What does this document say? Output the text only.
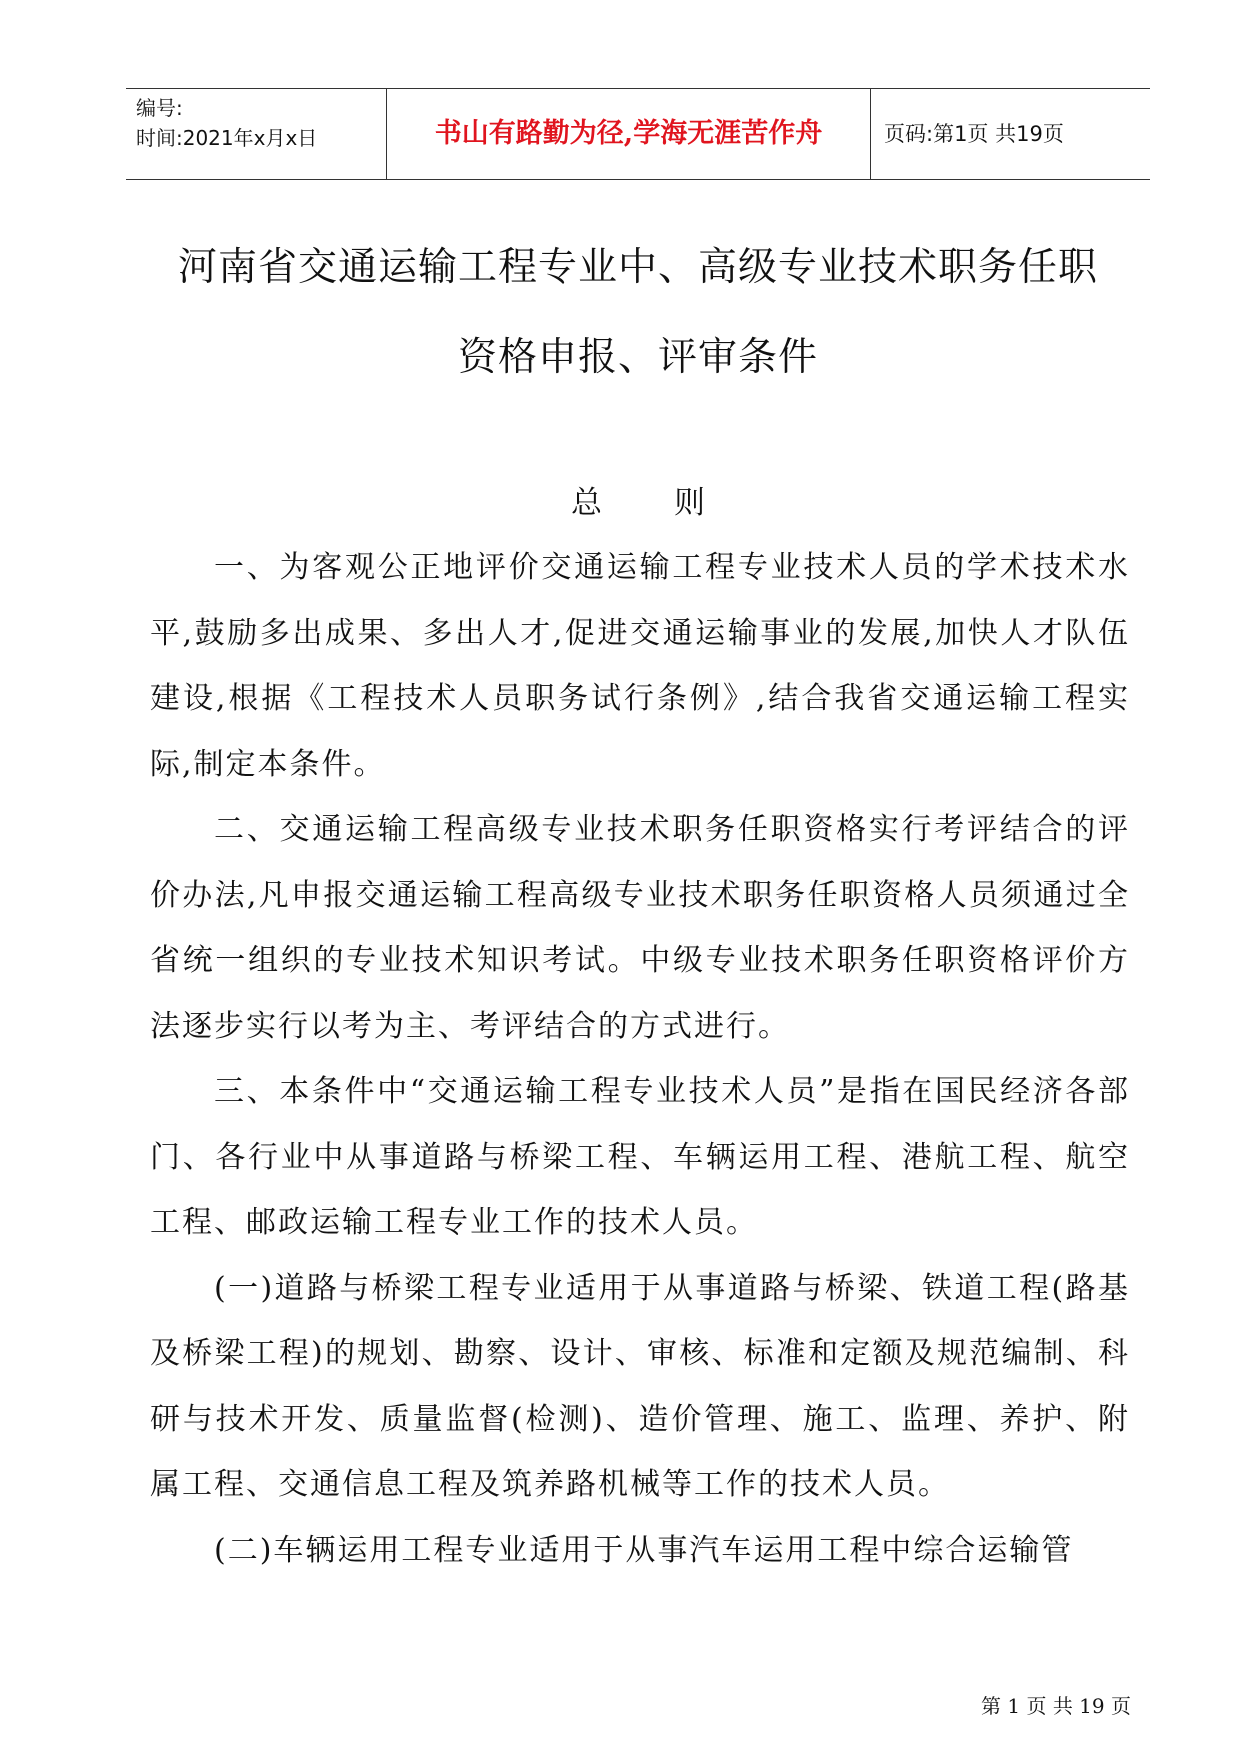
编号:
时间:2021年x月x日	书山有路勤为径,学海无涯苦作舟	页码:第1页 共19页
河南省交通运输工程专业中、高级专业技术职务任职
资格申报、评审条件
总则

一、为客观公正地评价交通运输工程专业技术人员的学术技术水平,鼓励多出成果、多出人才,促进交通运输事业的发展,加快人才队伍建设,根据《工程技术人员职务试行条例》,结合我省交通运输工程实际,制定本条件。

二、交通运输工程高级专业技术职务任职资格实行考评结合的评价办法,凡申报交通运输工程高级专业技术职务任职资格人员须通过全省统一组织的专业技术知识考试。中级专业技术职务任职资格评价方法逐步实行以考为主、考评结合的方式进行。

三、本条件中“交通运输工程专业技术人员”是指在国民经济各部门、各行业中从事道路与桥梁工程、车辆运用工程、港航工程、航空工程、邮政运输工程专业工作的技术人员。

(一)道路与桥梁工程专业适用于从事道路与桥梁、铁道工程(路基及桥梁工程)的规划、勘察、设计、审核、标准和定额及规范编制、科研与技术开发、质量监督(检测)、造价管理、施工、监理、养护、附属工程、交通信息工程及筑养路机械等工作的技术人员。

(二)车辆运用工程专业适用于从事汽车运用工程中综合运输管

第 1 页 共 19 页
